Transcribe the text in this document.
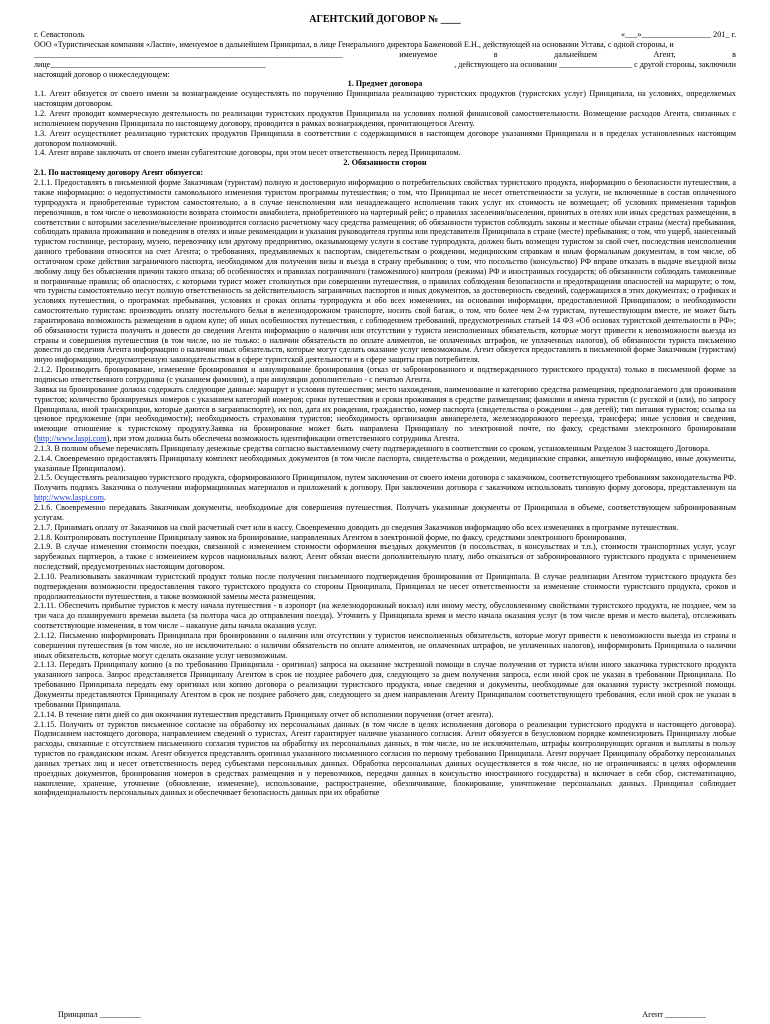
АГЕНТСКИЙ ДОГОВОР № ____
г. Севастополь	«___»_________________ 201_ г.

ООО «Туристическая компания «Ласпи», именуемое в дальнейшем Принципал, в лице Генерального директора Баженовой Е.Н., действующей на основании Устава, с одной стороны, и

____________________________________________________________________________	именуемое	в	дальнейшем	Агент,	в
лице_____________________________________________________	, действующего на основании __________________ с другой стороны, заключили

настоящий договор о нижеследующем:

1. Предмет договора

1.1. Агент обязуется от своего имени за вознаграждение осуществлять по поручению Принципала реализацию туристских продуктов (туристских услуг) Принципала, на условиях, определяемых настоящим договором.

1.2. Агент проводит коммерческую деятельность по реализации туристских продуктов Принципала на условиях полной финансовой самостоятельности. Возмещение расходов Агента, связанных с исполнением поручения Принципала по настоящему договору, проводится в рамках вознаграждения, причитающегося Агенту.

1.3. Агент осуществляет реализацию туристских продуктов Принципала в соответствии с содержащимися в настоящем договоре указаниями Принципала и в пределах установленных настоящим договором полномочий.

1.4. Агент вправе заключать от своего имени субагентские договоры, при этом несет ответственность перед Принципалом.

2. Обязанности сторон

2.1. По настоящему договору Агент обязуется:

2.1.1. Предоставлять в письменной форме Заказчикам (туристам) полную и достоверную информацию о потребительских свойствах туристского продукта, информацию о безопасности путешествия, а также информацию: о недопустимости самовольного изменения туристом программы путешествия; о том, что Принципал не несет ответственности за услуги, не включенные в состав оплаченного турпродукта и приобретенные туристом самостоятельно, а в случае неисполнения или ненадлежащего исполнения таких услуг их стоимость не возмещает; об условиях применения тарифов перевозчиков, в том числе о невозможности возврата стоимости авиабилета, приобретенного на чартерный рейс; о правилах заселения/выселения, принятых в отелях или иных средствах размещения, в соответствии с которыми заселение/выселение производится согласно расчетному часу средства размещения; об обязанности туристов соблюдать законы и местные обычаи страны (места) пребывания, соблюдать правила проживания и поведения в отелях и иные рекомендации и указания руководителя группы или представителя Принципала в стране (месте) пребывания; о том, что ущерб, нанесенный туристом гостинице, ресторану, музею, перевозчику или другому предприятию, оказывающему услуги в составе турпродукта, должен быть возмещен туристом за свой счет, последствия неисполнения данного требования относятся на счет Агента; о требованиях, предъявляемых к паспортам, свидетельствам о рождении, медицинским справкам и иным формальным документам, в том числе, об остаточном сроке действия заграничного паспорта, необходимом для получения визы и въезда в страну пребывания; о том, что посольство (консульство) РФ вправе отказать в выдаче въездной визы любому лицу без объяснения причин такого отказа; об особенностях и правилах пограничного (таможенного) контроля (режима) РФ и иностранных государств; об обязанности соблюдать таможенные и пограничные правила; об опасностях, с которыми турист может столкнуться при совершении путешествия, о правилах соблюдения безопасности и предотвращения опасностей на маршруте; о том, что туристы самостоятельно несут полную ответственность за действительность заграничных паспортов и иных документов, за достоверность сведений, содержащихся в этих документах; о графиках и условиях путешествия, о программах пребывания, условиях и сроках оплаты турпродукта и обо всех изменениях, на основании информации, предоставленной Принципалом; о необходимости самостоятельно туристам: производить оплату постельного белья в железнодорожном транспорте, носить свой багаж, о том, что более чем 2-м туристам, путешествующим вместе, не может быть гарантирована возможность размещения в одном купе; об иных особенностях путешествия, с соблюдением требований, предусмотренных статьей 14 ФЗ «Об основах туристской деятельности в РФ»; об обязанности туриста получить и довести до сведения Агента информацию о наличии или отсутствии у туриста неисполненных обязательств, которые могут привести к невозможности выезда из страны и совершения путешествия (в том числе, но не только: о наличии обязательств по оплате алиментов, не оплаченных штрафов, не уплаченных налогов), об обязанности туриста письменно довести до сведения Агента информацию о наличии иных обязательств, которые могут сделать оказание услуг невозможным. Агент обязуется предоставлять в письменной форме Заказчикам (туристам) иную информацию, предусмотренную законодательством в сфере туристской деятельности и в сфере защиты прав потребителя.

2.1.2. Производить бронирование, изменение бронирования и аннулирование бронирования (отказ от забронированного и подтвержденного туристского продукта) только в письменной форме за подписью ответственного сотрудника (с указанием фамилии), а при аннуляции дополнительно - с печатью Агента.

Заявка на бронирование должна содержать следующие данные: маршрут и условия путешествия; место нахождения, наименование и категорию средства размещения, предполагаемого для проживания туристов; количество бронируемых номеров с указанием категорий номеров; сроки путешествия и сроки проживания в средстве размещения; фамилии и имена туристов (с русской и (или), по запросу Принципала, иной транскрипции, которые даются в загранпаспорте), их пол, дата их рождения, гражданство, номер паспорта (свидетельства о рождении – для детей); тип питания туристов; ссылка на ценовое предложение (при необходимости); необходимость страхования туристов; необходимость организации авиаперелета, железнодорожного переезда, трансфера; иные условия и сведения, имеющие отношение к туристскому продукту.Заявка на бронирование может быть направлена Принципалу по электронной почте, по факсу, средствами электронного бронирования (http://www.laspi.com), при этом должна быть обеспечена возможность идентификации ответственного сотрудника Агента.

2.1.3. В полном объеме перечислять Принципалу денежные средства согласно выставленному счету подтвержденного в соответствии со сроком, установленным Разделом 3 настоящего Договора.

2.1.4. Своевременно предоставлять Принципалу комплект необходимых документов (в том числе паспорта, свидетельства о рождении, медицинские справки, анкетную информацию, иные документы, указанные Принципалом).

2.1.5. Осуществлять реализацию туристского продукта, сформированного Принципалом, путем заключения от своего имени договора с заказчиком, соответствующего требованиям законодательства РФ. Получить подпись Заказчика о получении информационных материалов и приложений к договору. При заключении договора с заказчиком использовать типовую форму договора, представленную на http://www.laspi.com.

2.1.6. Своевременно передавать Заказчикам документы, необходимые для совершения путешествия. Получать указанные документы от Принципала в объеме, соответствующем забронированным услугам.

2.1.7. Принимать оплату от Заказчиков на свой расчетный счет или в кассу. Своевременно доводить до сведения Заказчиков информацию обо всех изменениях в программе путешествия.

2.1.8. Контролировать поступление Принципалу заявок на бронирование, направленных Агентом в электронной форме, по факсу, средствами электронного бронирования.

2.1.9. В случае изменения стоимости поездки, связанной с изменением стоимости оформления въездных документов (в посольствах, в консульствах и т.п.), стоимости транспортных услуг, услуг зарубежных партнеров, а также с изменением курсов национальных валют, Агент обязан внести дополнительную плату, либо отказаться от забронированного туристского продукта с применением последствий, предусмотренных настоящим договором.

2.1.10. Реализовывать заказчикам туристский продукт только после получения письменного подтверждения бронирования от Принципала. В случае реализации Агентом туристского продукта без подтверждения возможности предоставления такого туристского продукта со стороны Принципала, Принципал не несет ответственности за изменение стоимости туристского продукта, сроков и продолжительности путешествия, а также возможной замены места размещения.

2.1.11. Обеспечить прибытие туристов к месту начала путешествия - в аэропорт (на железнодорожный вокзал) или иному месту, обусловленному свойствами туристского продукта, не позднее, чем за три часа до планируемого времени вылета (за полтора часа до отправления поезда). Уточнить у Принципала время и место начала оказания услуг (в том числе время и место вылета), отслеживать соответствующие изменения, в том числе – накануне даты начала оказания услуг.

2.1.12. Письменно информировать Принципала при бронировании о наличии или отсутствии у туристов неисполненных обязательств, которые могут привести к невозможности выезда из страны и совершения путешествия (в том числе, но не исключительно: о наличии обязательств по оплате алиментов, не оплаченных штрафов, не уплаченных налогов), информировать Принципала о наличии иных обязательств, которые могут сделать оказание услуг невозможным.

2.1.13. Передать Принципалу копию (а по требованию Принципала - оригинал) запроса на оказание экстренной помощи в случае получения от туриста и/или иного заказчика туристского продукта указанного запроса. Запрос представляется Принципалу Агентом в срок не позднее рабочего дня, следующего за днем получения запроса, если иной срок не указан в требовании Принципала. По требованию Принципала передать ему оригинал или копию договора о реализации туристского продукта, иные сведения и документы, необходимые для оказания туристу экстренной помощи. Документы представляются Принципалу Агентом в срок не позднее рабочего дня, следующего за днем направления Агенту Принципалом соответствующего требования, если иной срок не указан в требовании Принципала.

2.1.14. В течение пяти дней со дня окончания путешествия представить Принципалу отчет об исполнении поручения (отчет агента).

2.1.15. Получить от туристов письменное согласие на обработку их персональных данных (в том числе в целях исполнения договора о реализации туристского продукта и настоящего договора). Подписанием настоящего договора, направлением сведений о туристах, Агент гарантирует наличие указанного согласия. Агент обязуется в безусловном порядке компенсировать Принципалу любые расходы, связанные с отсутствием письменного согласия туристов на обработку их персональных данных, в том числе, но не исключительно, штрафы контролирующих органов и выплаты в пользу туристов по гражданским искам. Агент обязуется представлять оригинал указанного письменного согласия по первому требованию Принципала. Агент поручает Принципалу обработку персональных данных третьих лиц и несет ответственность перед субъектами персональных данных. Обработка персональных данных осуществляется в том числе, но не ограничиваясь: в целях оформления проездных документов, бронирования номеров в средствах размещения и у перевозчиков, передачи данных в консульство иностранного государства) и включает в себя сбор, систематизацию, накопление, хранение, уточнение (обновление, изменение), использование, распространение, обезличивание, блокирование, уничтожение персональных данных. Принципал соблюдает конфиденциальность персональных данных и обеспечивает безопасность данных при их обработке

Принципал __________	Агент __________
